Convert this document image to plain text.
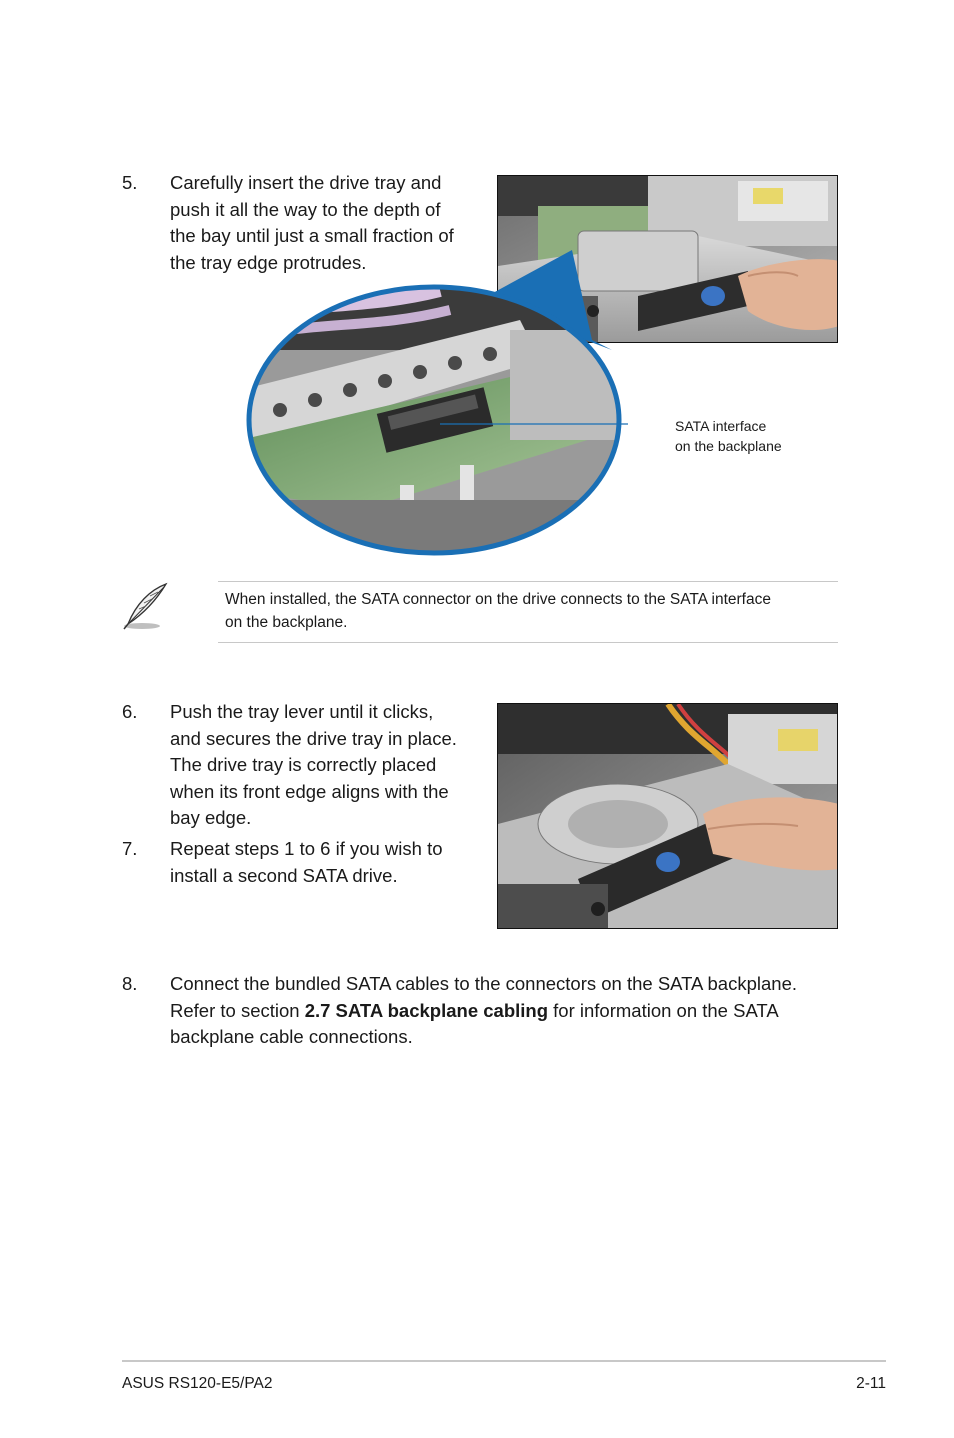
5. Carefully insert the drive tray and
push it all the way to the depth of
the bay until just a small fraction of
the tray edge protrudes.
SATA interface
on the backplane
When installed, the SATA connector on the drive connects to the SATA interface
on the backplane.
6. Push the tray lever until it clicks,
and secures the drive tray in place.
The drive tray is correctly placed
when its front edge aligns with the
bay edge.
7. Repeat steps 1 to 6 if you wish to
install a second SATA drive.
8. Connect the bundled SATA cables to the connectors on the SATA backplane.
Refer to section 2.7 SATA backplane cabling for information on the SATA
backplane cable connections.
ASUS RS120-E5/PA2	2-11
